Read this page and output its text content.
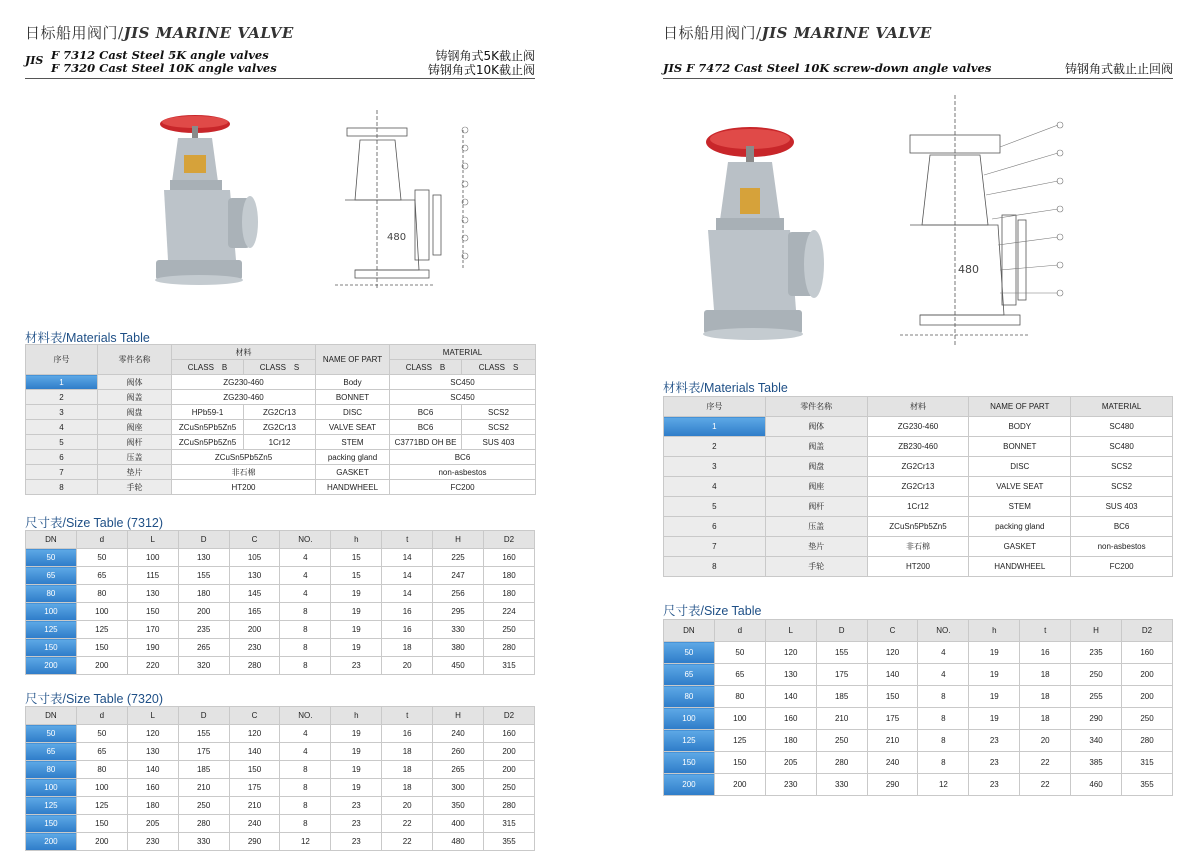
日标船用阀门/JIS MARINE VALVE
JIS F 7312 Cast Steel 5K angle valves
F 7320 Cast Steel 10K angle valves
铸钢角式5K截止阀
铸钢角式10K截止阀
480
材料表/Materials Table
序号	零件名称	材料		NAME OF PART	MATERIAL	
		CLASS　B	CLASS　S		CLASS　B	CLASS　S
1	阀体	ZG230-460		Body	SC450	
2	阀盖	ZG230-460		BONNET	SC450	
3	阀盘	HPb59-1	ZG2Cr13	DISC	BC6	SCS2
4	阀座	ZCuSn5Pb5Zn5	ZG2Cr13	VALVE SEAT	BC6	SCS2
5	阀杆	ZCuSn5Pb5Zn5	1Cr12	STEM	C3771BD OH BE	SUS 403
6	压盖	ZCuSn5Pb5Zn5		packing gland	BC6	
7	垫片	非石棉		GASKET	non-asbestos	
8	手轮	HT200		HANDWHEEL	FC200	
尺寸表/Size Table (7312)
DN	d	L	D	C	NO.	h	t	H	D2
50	50	100	130	105	4	15	14	225	160
65	65	115	155	130	4	15	14	247	180
80	80	130	180	145	4	19	14	256	180
100	100	150	200	165	8	19	16	295	224
125	125	170	235	200	8	19	16	330	250
150	150	190	265	230	8	19	18	380	280
200	200	220	320	280	8	23	20	450	315
尺寸表/Size Table (7320)
DN	d	L	D	C	NO.	h	t	H	D2
50	50	120	155	120	4	19	16	240	160
65	65	130	175	140	4	19	18	260	200
80	80	140	185	150	8	19	18	265	200
100	100	160	210	175	8	19	18	300	250
125	125	180	250	210	8	23	20	350	280
150	150	205	280	240	8	23	22	400	315
200	200	230	330	290	12	23	22	480	355
日标船用阀门/JIS MARINE VALVE
JIS F 7472 Cast Steel 10K screw-down angle valves	铸钢角式截止止回阀
480
材料表/Materials Table
序号	零件名称	材料	NAME OF PART	MATERIAL
1	阀体	ZG230-460	BODY	SC480
2	阀盖	ZB230-460	BONNET	SC480
3	阀盘	ZG2Cr13	DISC	SCS2
4	阀座	ZG2Cr13	VALVE SEAT	SCS2
5	阀杆	1Cr12	STEM	SUS 403
6	压盖	ZCuSn5Pb5Zn5	packing gland	BC6
7	垫片	非石棉	GASKET	non-asbestos
8	手轮	HT200	HANDWHEEL	FC200
尺寸表/Size Table
DN	d	L	D	C	NO.	h	t	H	D2
50	50	120	155	120	4	19	16	235	160
65	65	130	175	140	4	19	18	250	200
80	80	140	185	150	8	19	18	255	200
100	100	160	210	175	8	19	18	290	250
125	125	180	250	210	8	23	20	340	280
150	150	205	280	240	8	23	22	385	315
200	200	230	330	290	12	23	22	460	355
